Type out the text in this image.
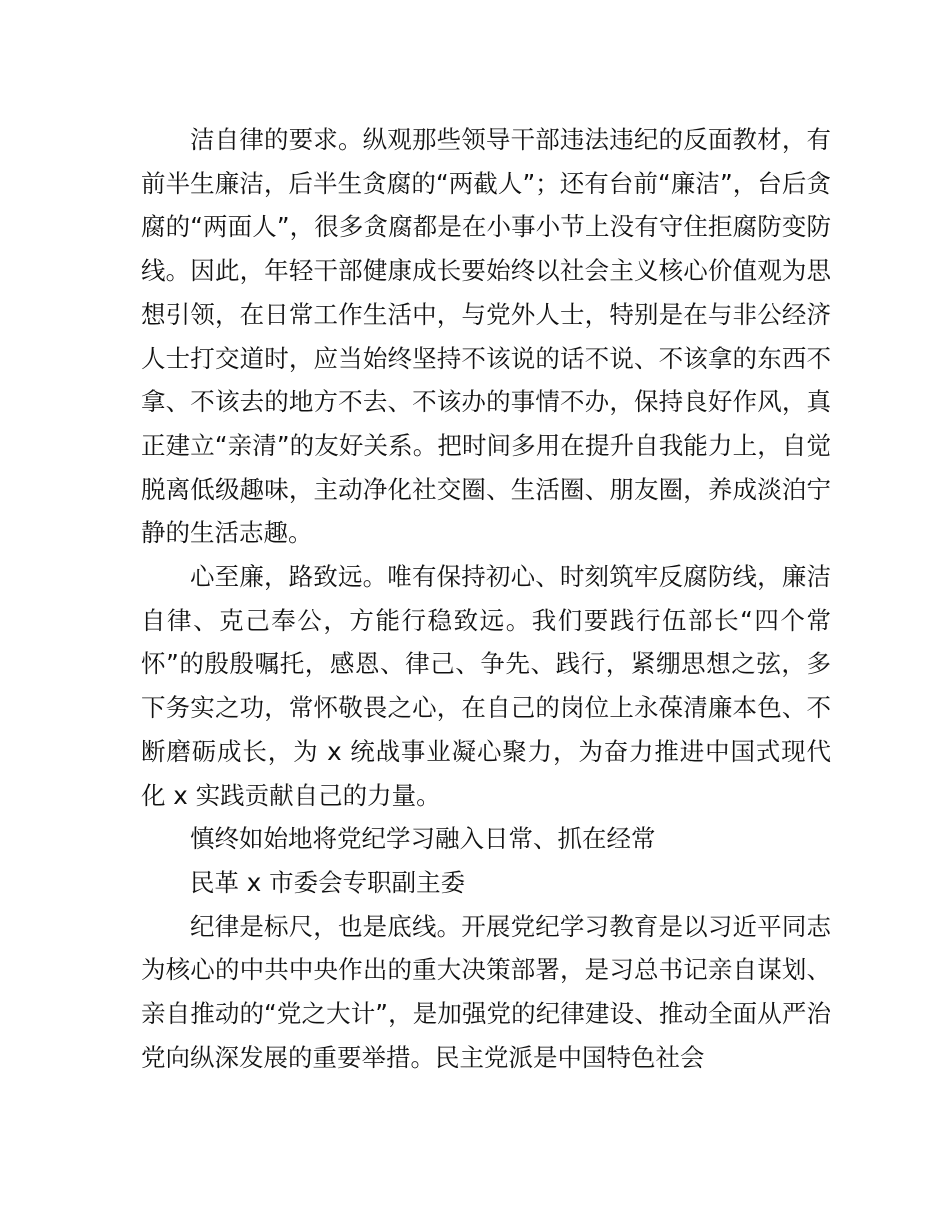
洁自律的要求。纵观那些领导干部违法违纪的反面教材，有前半生廉洁，后半生贪腐的“两截人”；还有台前“廉洁”，台后贪腐的“两面人”，很多贪腐都是在小事小节上没有守住拒腐防变防线。因此，年轻干部健康成长要始终以社会主义核心价值观为思想引领，在日常工作生活中，与党外人士，特别是在与非公经济人士打交道时，应当始终坚持不该说的话不说、不该拿的东西不拿、不该去的地方不去、不该办的事情不办，保持良好作风，真正建立“亲清”的友好关系。把时间多用在提升自我能力上，自觉脱离低级趣味，主动净化社交圈、生活圈、朋友圈，养成淡泊宁静的生活志趣。

心至廉，路致远。唯有保持初心、时刻筑牢反腐防线，廉洁自律、克己奉公，方能行稳致远。我们要践行伍部长“四个常怀”的殷殷嘱托，感恩、律己、争先、践行，紧绷思想之弦，多下务实之功，常怀敬畏之心，在自己的岗位上永葆清廉本色、不断磨砺成长，为 x 统战事业凝心聚力，为奋力推进中国式现代化 x 实践贡献自己的力量。

慎终如始地将党纪学习融入日常、抓在经常

民革 x 市委会专职副主委

纪律是标尺，也是底线。开展党纪学习教育是以习近平同志为核心的中共中央作出的重大决策部署，是习总书记亲自谋划、亲自推动的“党之大计”，是加强党的纪律建设、推动全面从严治党向纵深发展的重要举措。民主党派是中国特色社会
